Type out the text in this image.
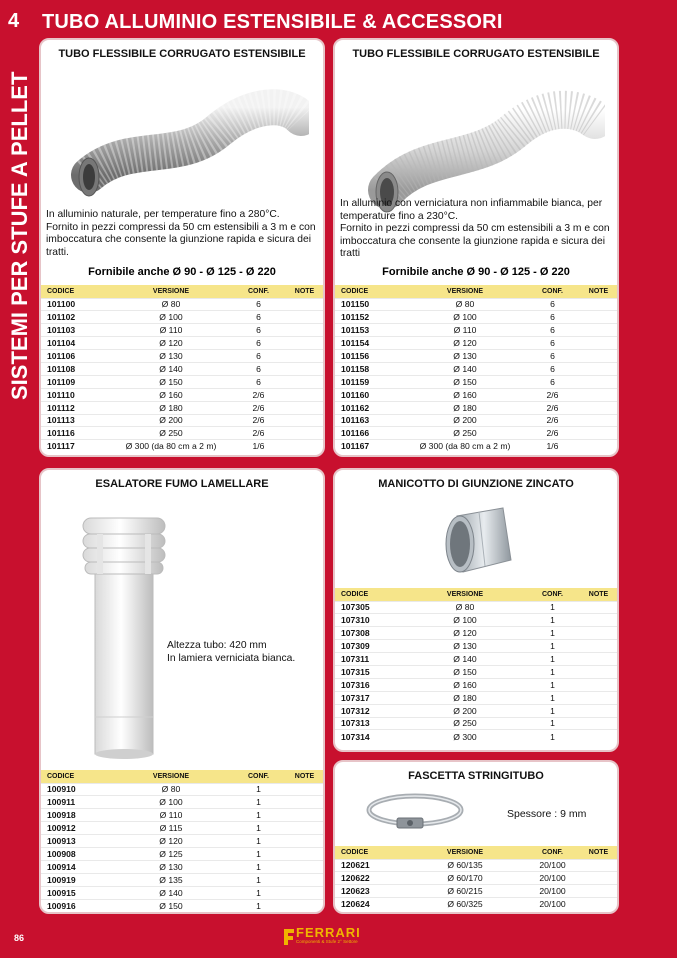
4
SISTEMI PER STUFE A PELLET
TUBO ALLUMINIO ESTENSIBILE & ACCESSORI
TUBO FLESSIBILE CORRUGATO ESTENSIBILE
In alluminio naturale, per temperature fino a 280°C.
Fornito in pezzi compressi da 50 cm estensibili a 3 m e con imboccatura che consente la giunzione rapida e sicura dei tratti.
Fornibile anche Ø 90 - Ø 125 - Ø 220
CODICE	VERSIONE	CONF.	NOTE
101100	Ø 80	6	
101102	Ø 100	6	
101103	Ø 110	6	
101104	Ø 120	6	
101106	Ø 130	6	
101108	Ø 140	6	
101109	Ø 150	6	
101110	Ø 160	2/6	
101112	Ø 180	2/6	
101113	Ø 200	2/6	
101116	Ø 250	2/6	
101117	Ø 300 (da 80 cm a 2 m)	1/6	
TUBO FLESSIBILE CORRUGATO ESTENSIBILE
In alluminio con verniciatura non infiammabile bianca, per temperature fino a 230°C.
Fornito in pezzi compressi da 50 cm estensibili a 3 m e con imboccatura che consente la giunzione rapida e sicura dei tratti
Fornibile anche Ø 90 - Ø 125 - Ø 220
CODICE	VERSIONE	CONF.	NOTE
101150	Ø 80	6	
101152	Ø 100	6	
101153	Ø 110	6	
101154	Ø 120	6	
101156	Ø 130	6	
101158	Ø 140	6	
101159	Ø 150	6	
101160	Ø 160	2/6	
101162	Ø 180	2/6	
101163	Ø 200	2/6	
101166	Ø 250	2/6	
101167	Ø 300 (da 80 cm a 2 m)	1/6	
ESALATORE FUMO LAMELLARE
Altezza tubo: 420 mm
In lamiera verniciata bianca.
CODICE	VERSIONE	CONF.	NOTE
100910	Ø 80	1	
100911	Ø 100	1	
100918	Ø 110	1	
100912	Ø 115	1	
100913	Ø 120	1	
100908	Ø 125	1	
100914	Ø 130	1	
100919	Ø 135	1	
100915	Ø 140	1	
100916	Ø 150	1	
MANICOTTO DI GIUNZIONE ZINCATO
CODICE	VERSIONE	CONF.	NOTE
107305	Ø 80	1	
107310	Ø 100	1	
107308	Ø 120	1	
107309	Ø 130	1	
107311	Ø 140	1	
107315	Ø 150	1	
107316	Ø 160	1	
107317	Ø 180	1	
107312	Ø 200	1	
107313	Ø 250	1	
107314	Ø 300	1	
FASCETTA STRINGITUBO
Spessore : 9 mm
CODICE	VERSIONE	CONF.	NOTE
120621	Ø 60/135	20/100	
120622	Ø 60/170	20/100	
120623	Ø 60/215	20/100	
120624	Ø 60/325	20/100	
86	FERRARI
Componenti & Stufe 2° Settore
